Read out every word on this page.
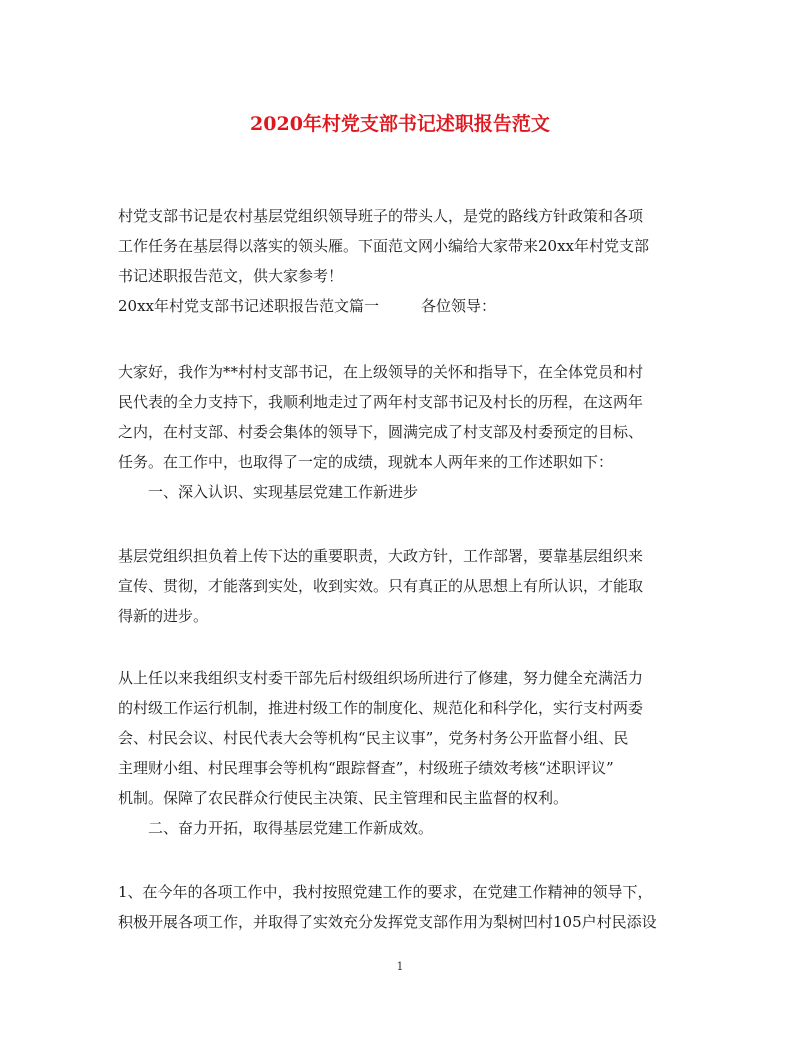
2020年村党支部书记述职报告范文
村党支部书记是农村基层党组织领导班子的带头人，是党的路线方针政策和各项
工作任务在基层得以落实的领头雁。下面范文网小编给大家带来20xx年村党支部
书记述职报告范文，供大家参考！
20xx年村党支部书记述职报告范文篇一	各位领导：
大家好，我作为**村村支部书记，在上级领导的关怀和指导下，在全体党员和村
民代表的全力支持下，我顺利地走过了两年村支部书记及村长的历程，在这两年
之内，在村支部、村委会集体的领导下，圆满完成了村支部及村委预定的目标、
任务。在工作中，也取得了一定的成绩，现就本人两年来的工作述职如下：
一、深入认识、实现基层党建工作新进步
基层党组织担负着上传下达的重要职责，大政方针，工作部署，要靠基层组织来
宣传、贯彻，才能落到实处，收到实效。只有真正的从思想上有所认识，才能取
得新的进步。
从上任以来我组织支村委干部先后村级组织场所进行了修建，努力健全充满活力
的村级工作运行机制，推进村级工作的制度化、规范化和科学化，实行支村两委
会、村民会议、村民代表大会等机构“民主议事”，党务村务公开监督小组、民
主理财小组、村民理事会等机构“跟踪督查”，村级班子绩效考核“述职评议”
机制。保障了农民群众行使民主决策、民主管理和民主监督的权利。
二、奋力开拓，取得基层党建工作新成效。
1、在今年的各项工作中，我村按照党建工作的要求，在党建工作精神的领导下，
积极开展各项工作，并取得了实效充分发挥党支部作用为梨树凹村105户村民添设

1
